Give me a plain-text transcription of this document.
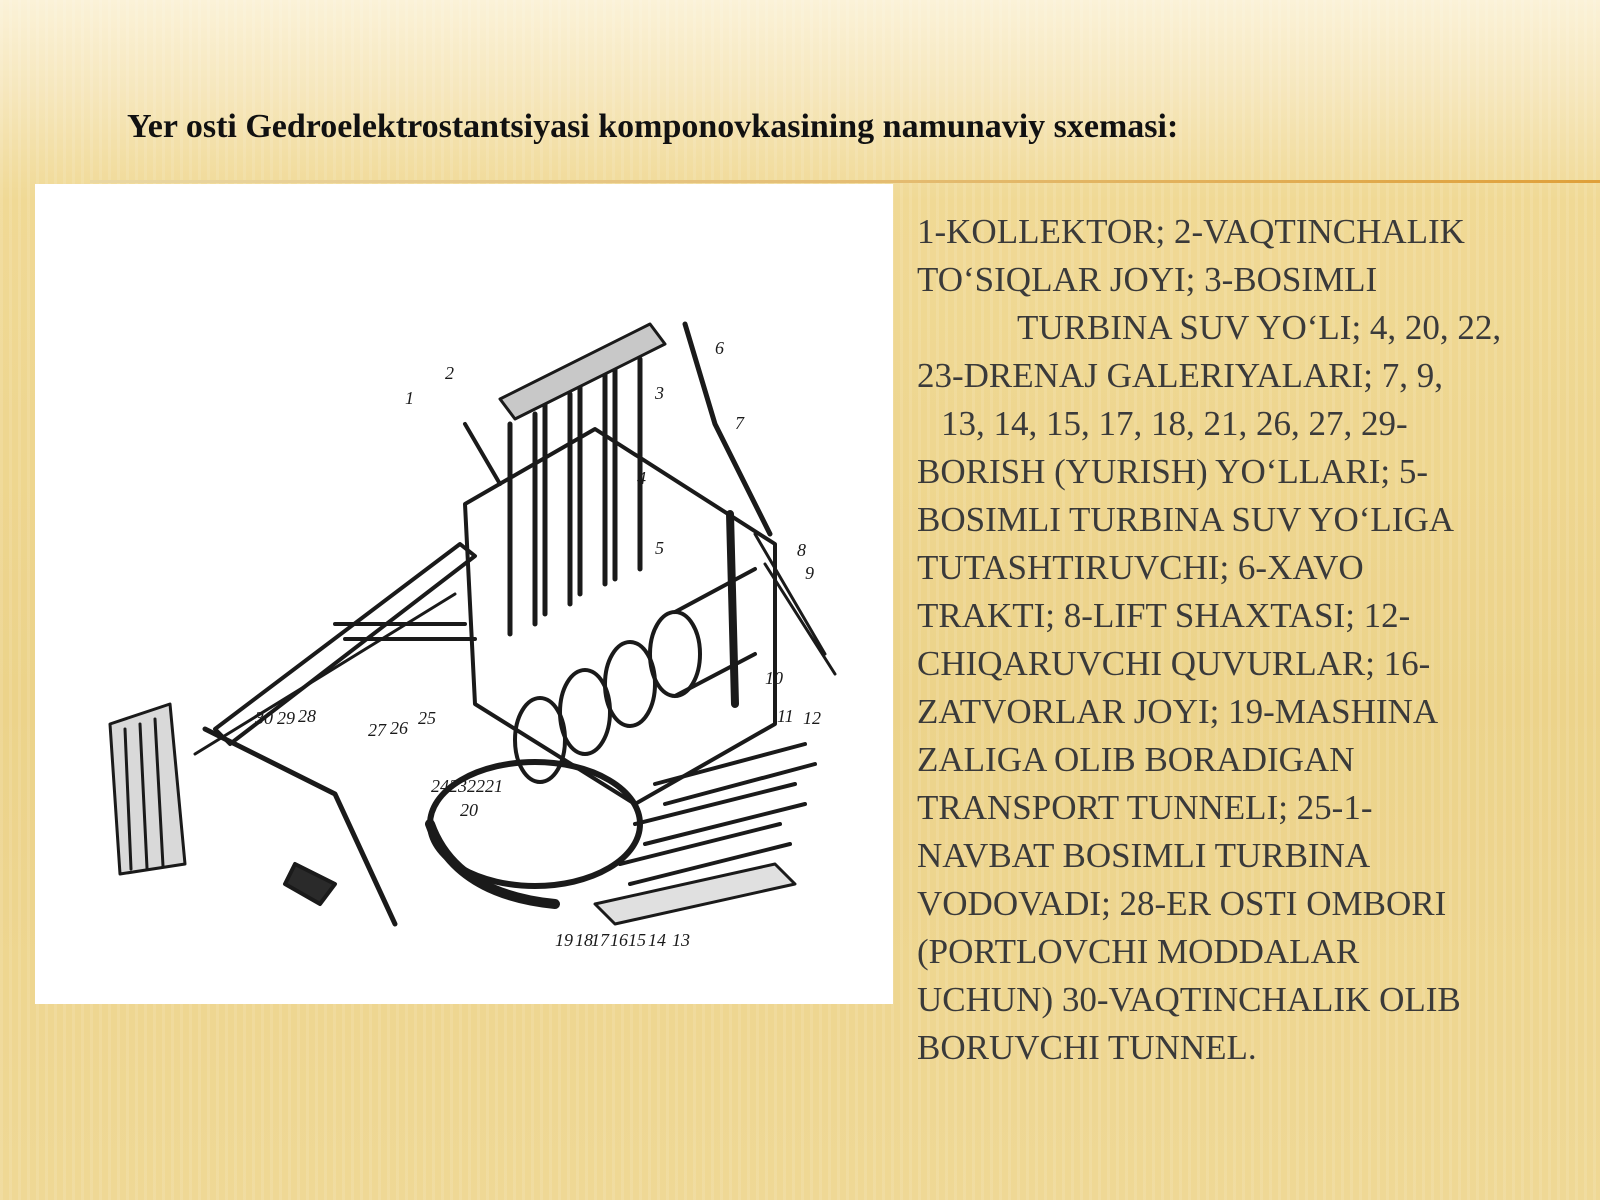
Yer osti Gedroelektrostantsiyasi komponovkasining namunaviy sxemasi:
1
2
3
4
5
6
7
8
9
10
11 12
13
14
15
16
17
18
19
20
21
22
23
24
25
26
27
28
29
30
1-KOLLEKTOR; 2-VAQTINCHALIK
TO‘SIQLAR JOYI; 3-BOSIMLI
TURBINA SUV YO‘LI; 4, 20, 22,
23-DRENAJ GALERIYALARI; 7, 9,
13, 14, 15, 17, 18, 21, 26, 27, 29-
BORISH (YURISH) YO‘LLARI; 5-
BOSIMLI TURBINA SUV YO‘LIGA
TUTASHTIRUVCHI; 6-XAVO
TRAKTI; 8-LIFT SHAXTASI; 12-
CHIQARUVCHI QUVURLAR; 16-
ZATVORLAR JOYI; 19-MASHINA
ZALIGA OLIB BORADIGAN
TRANSPORT TUNNELI; 25-1-
NAVBAT BOSIMLI TURBINA
VODOVADI; 28-ER OSTI OMBORI
(PORTLOVCHI MODDALAR
UCHUN) 30-VAQTINCHALIK OLIB
BORUVCHI TUNNEL.
